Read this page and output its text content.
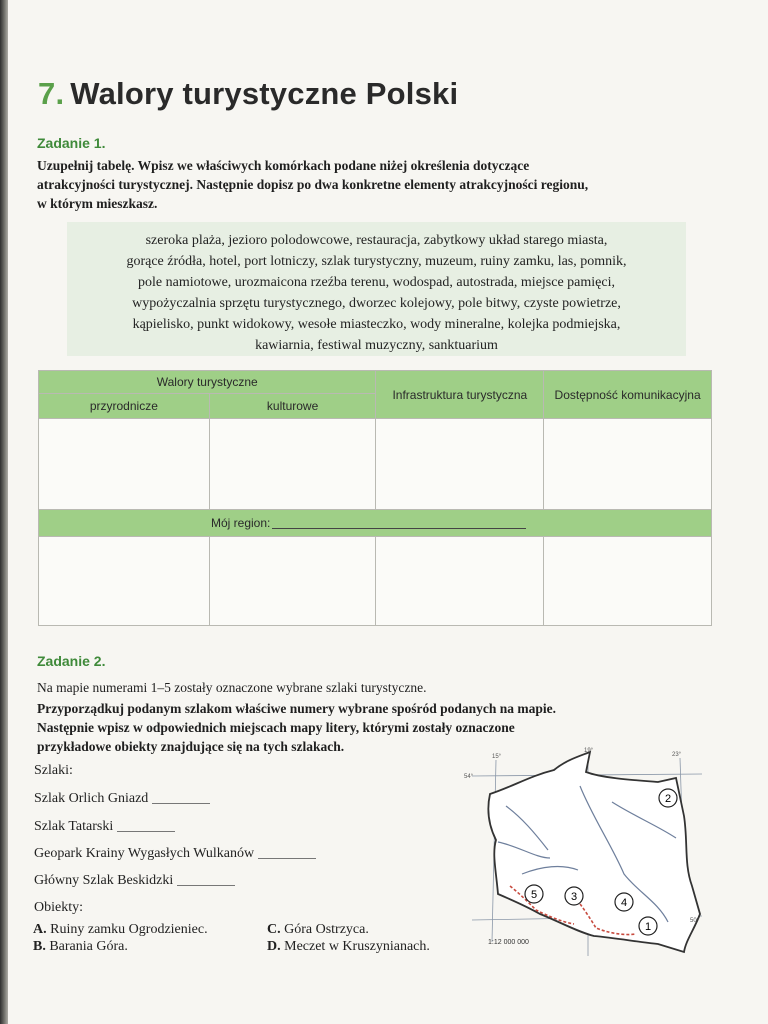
7. Walory turystyczne Polski
Zadanie 1.
Uzupełnij tabelę. Wpisz we właściwych komórkach podane niżej określenia dotyczące
atrakcyjności turystycznej. Następnie dopisz po dwa konkretne elementy atrakcyjności regionu,
w którym mieszkasz.
szeroka plaża, jezioro polodowcowe, restauracja, zabytkowy układ starego miasta,
gorące źródła, hotel, port lotniczy, szlak turystyczny, muzeum, ruiny zamku, las, pomnik,
pole namiotowe, urozmaicona rzeźba terenu, wodospad, autostrada, miejsce pamięci,
wypożyczalnia sprzętu turystycznego, dworzec kolejowy, pole bitwy, czyste powietrze,
kąpielisko, punkt widokowy, wesołe miasteczko, wody mineralne, kolejka podmiejska,
kawiarnia, festiwal muzyczny, sanktuarium
Walory turystyczne		Infrastruktura turystyczna	Dostępność komunikacyjna
przyrodnicze	kulturowe		

Mój region:			

Zadanie 2.
Na mapie numerami 1–5 zostały oznaczone wybrane szlaki turystyczne.
Przyporządkuj podanym szlakom właściwe numery wybrane spośród podanych na mapie.
Następnie wpisz w odpowiednich miejscach mapy litery, którymi zostały oznaczone
przykładowe obiekty znajdujące się na tych szlakach.
Szlaki:
Szlak Orlich Gniazd
Szlak Tatarski
Geopark Krainy Wygasłych Wulkanów
Główny Szlak Beskidzki
Obiekty:
A. Ruiny zamku Ogrodzieniec.
B. Barania Góra.
C. Góra Ostrzyca.
D. Meczet w Kruszynianach.
2
5	3	4
1
15°
19°
23°
54°
50°
1:12 000 000
